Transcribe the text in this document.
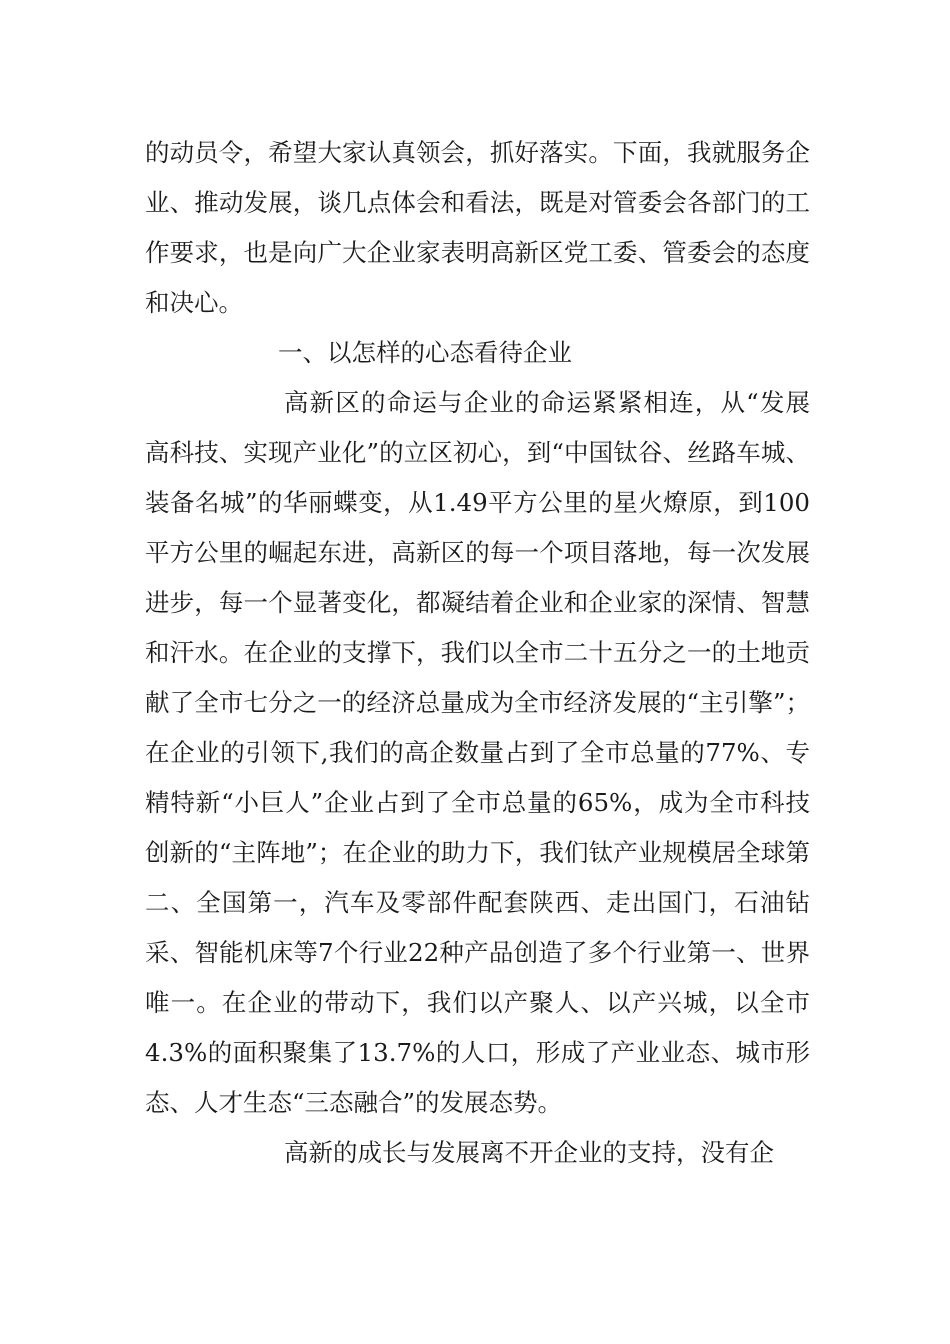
的动员令，希望大家认真领会，抓好落实。下面，我就服务企业、推动发展，谈几点体会和看法，既是对管委会各部门的工作要求，也是向广大企业家表明高新区党工委、管委会的态度和决心。

一、以怎样的心态看待企业

高新区的命运与企业的命运紧紧相连，从“发展高科技、实现产业化”的立区初心，到“中国钛谷、丝路车城、装备名城”的华丽蝶变，从1.49平方公里的星火燎原，到100平方公里的崛起东进，高新区的每一个项目落地，每一次发展进步，每一个显著变化，都凝结着企业和企业家的深情、智慧和汗水。在企业的支撑下，我们以全市二十五分之一的土地贡献了全市七分之一的经济总量成为全市经济发展的“主引擎”；在企业的引领下,我们的高企数量占到了全市总量的77%、专精特新“小巨人”企业占到了全市总量的65%，成为全市科技创新的“主阵地”；在企业的助力下，我们钛产业规模居全球第二、全国第一，汽车及零部件配套陕西、走出国门，石油钻采、智能机床等7个行业22种产品创造了多个行业第一、世界唯一。在企业的带动下，我们以产聚人、以产兴城，以全市4.3%的面积聚集了13.7%的人口，形成了产业业态、城市形态、人才生态“三态融合”的发展态势。

高新的成长与发展离不开企业的支持，没有企
